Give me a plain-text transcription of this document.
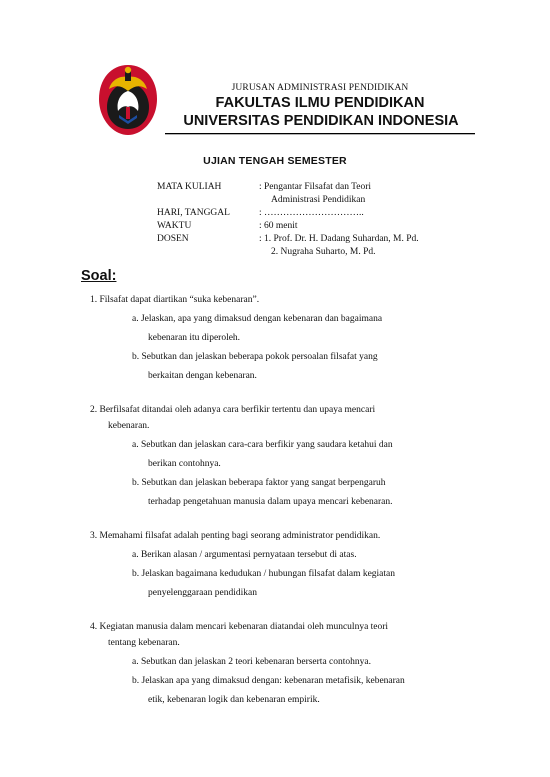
JURUSAN ADMINISTRASI PENDIDIKAN
FAKULTAS ILMU PENDIDIKAN
UNIVERSITAS PENDIDIKAN INDONESIA
UJIAN TENGAH SEMESTER
MATA KULIAH	: Pengantar Filsafat dan Teori
Administrasi Pendidikan
HARI, TANGGAL	: …………………………..
WAKTU	: 60 menit
DOSEN	: 1. Prof. Dr. H. Dadang Suhardan, M. Pd.
2. Nugraha Suharto, M. Pd.
Soal:
1. Filsafat dapat diartikan “suka kebenaran”.
a. Jelaskan, apa yang dimaksud dengan kebenaran dan bagaimana
kebenaran itu diperoleh.
b. Sebutkan dan jelaskan beberapa pokok persoalan filsafat yang
berkaitan dengan kebenaran.
2. Berfilsafat ditandai oleh adanya cara berfikir tertentu dan upaya mencari
kebenaran.
a. Sebutkan dan jelaskan cara-cara berfikir yang saudara ketahui dan
berikan contohnya.
b. Sebutkan dan jelaskan beberapa faktor yang sangat berpengaruh
terhadap pengetahuan manusia dalam upaya mencari kebenaran.
3. Memahami filsafat adalah penting bagi seorang administrator pendidikan.
a. Berikan alasan / argumentasi pernyataan tersebut di atas.
b. Jelaskan bagaimana kedudukan / hubungan filsafat dalam kegiatan
penyelenggaraan pendidikan
4. Kegiatan manusia dalam mencari kebenaran diatandai oleh munculnya teori
tentang kebenaran.
a. Sebutkan dan jelaskan 2 teori kebenaran berserta contohnya.
b. Jelaskan apa yang dimaksud dengan: kebenaran metafisik, kebenaran
etik, kebenaran logik dan kebenaran empirik.
